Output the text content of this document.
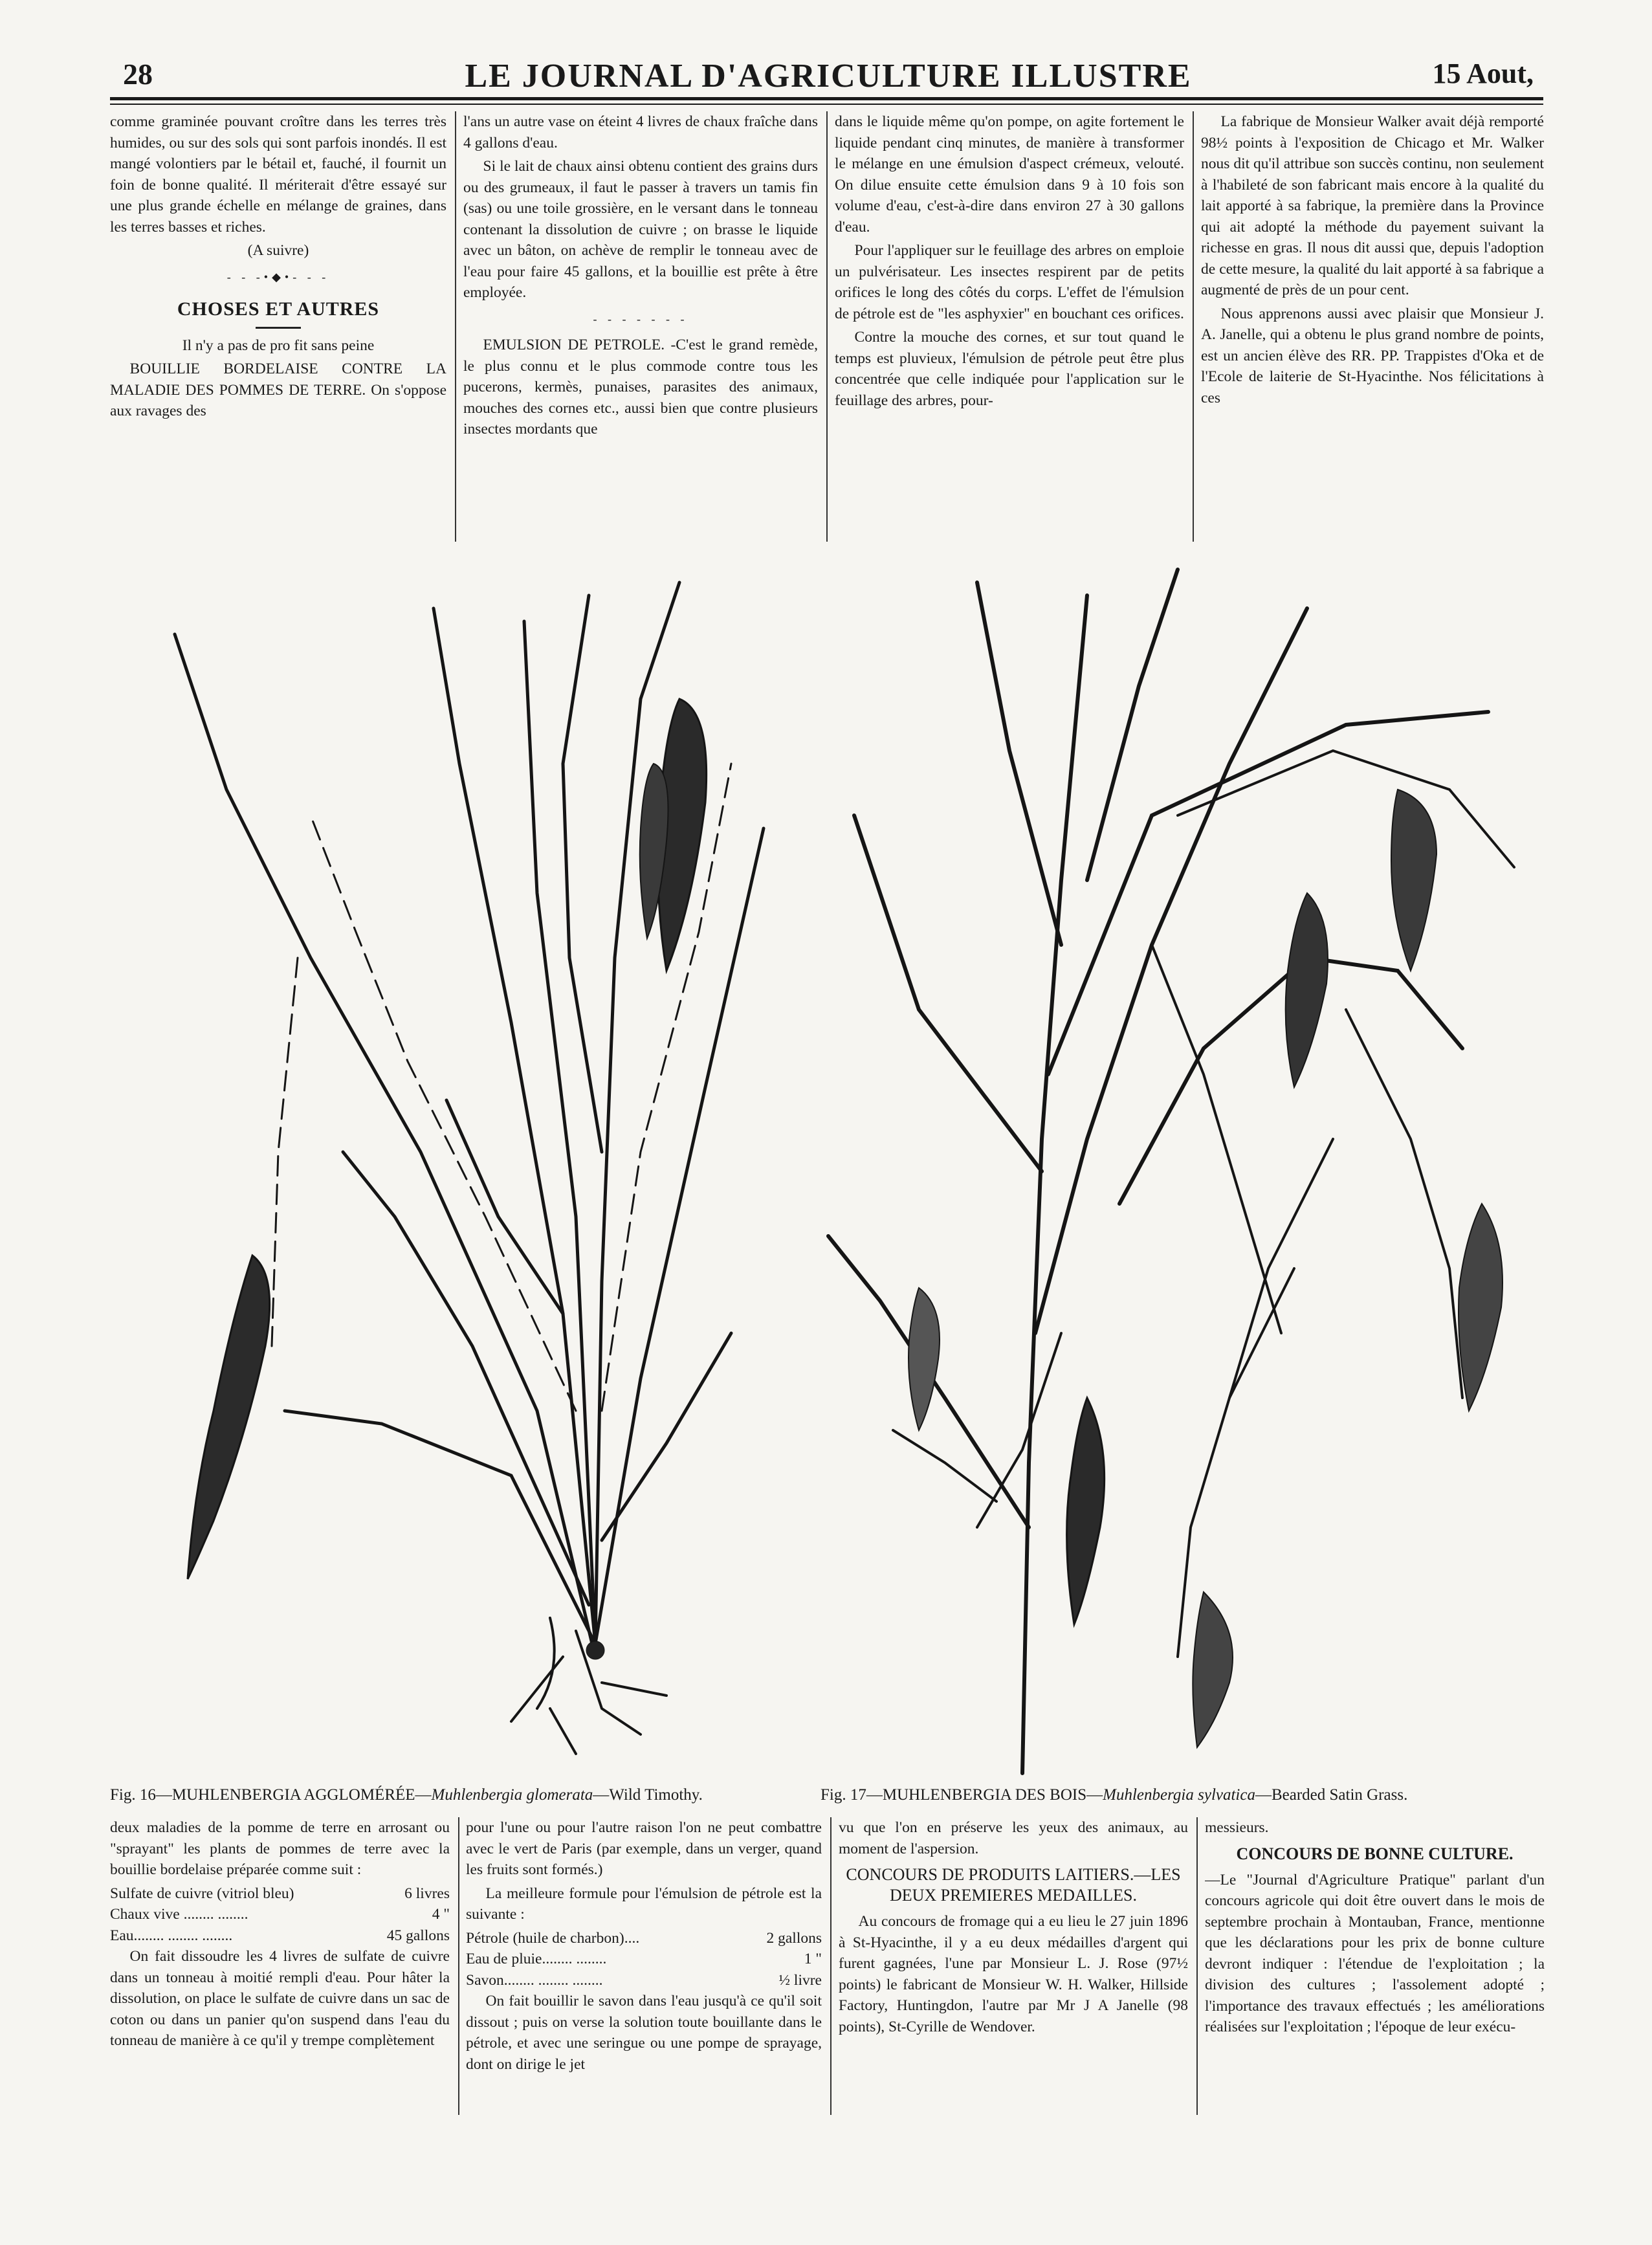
28	LE JOURNAL D'AGRICULTURE ILLUSTRE	15 Aout,

comme graminée pouvant croître dans les terres très humides, ou sur des sols qui sont parfois inondés. Il est mangé volontiers par le bétail et, fauché, il fournit un foin de bonne qualité. Il mériterait d'être essayé sur une plus grande échelle en mélange de graines, dans les terres basses et riches.

(A suivre)

- - -•◆•- - -
CHOSES ET AUTRES

Il n'y a pas de pro fit sans peine

BOUILLIE BORDELAISE CONTRE LA MALADIE DES POMMES DE TERRE. On s'oppose aux ravages des

l'ans un autre vase on éteint 4 livres de chaux fraîche dans 4 gallons d'eau.

Si le lait de chaux ainsi obtenu contient des grains durs ou des grumeaux, il faut le passer à travers un tamis fin (sas) ou une toile grossière, en le versant dans le tonneau contenant la dissolution de cuivre ; on brasse le liquide avec un bâton, on achève de remplir le tonneau avec de l'eau pour faire 45 gallons, et la bouillie est prête à être employée.

- - - - - - -

EMULSION DE PETROLE. -C'est le grand remède, le plus connu et le plus commode contre tous les pucerons, kermès, punaises, parasites des animaux, mouches des cornes etc., aussi bien que contre plusieurs insectes mordants que

dans le liquide même qu'on pompe, on agite fortement le liquide pendant cinq minutes, de manière à transformer le mélange en une émulsion d'aspect crémeux, velouté. On dilue ensuite cette émulsion dans 9 à 10 fois son volume d'eau, c'est-à-dire dans environ 27 à 30 gallons d'eau.

Pour l'appliquer sur le feuillage des arbres on emploie un pulvérisateur. Les insectes respirent par de petits orifices le long des côtés du corps. L'effet de l'émulsion de pétrole est de "les asphyxier" en bouchant ces orifices.

Contre la mouche des cornes, et sur tout quand le temps est pluvieux, l'émulsion de pétrole peut être plus concentrée que celle indiquée pour l'application sur le feuillage des arbres, pour-

La fabrique de Monsieur Walker avait déjà remporté 98½ points à l'exposition de Chicago et Mr. Walker nous dit qu'il attribue son succès continu, non seulement à l'habileté de son fabricant mais encore à la qualité du lait apporté à sa fabrique, la première dans la Province qui ait adopté la méthode du payement suivant la richesse en gras. Il nous dit aussi que, depuis l'adoption de cette mesure, la qualité du lait apporté à sa fabrique a augmenté de près de un pour cent.

Nous apprenons aussi avec plaisir que Monsieur J. A. Janelle, qui a obtenu le plus grand nombre de points, est un ancien élève des RR. PP. Trappistes d'Oka et de l'Ecole de laiterie de St-Hyacinthe. Nos félicitations à ces

Fig. 16—MUHLENBERGIA AGGLOMÉRÉE—Muhlenbergia glomerata—Wild Timothy.	Fig. 17—MUHLENBERGIA DES BOIS—Muhlenbergia sylvatica—Bearded Satin Grass.

deux maladies de la pomme de terre en arrosant ou "sprayant" les plants de pommes de terre avec la bouillie bordelaise préparée comme suit :

Sulfate de cuivre (vitriol bleu)	6 livres
Chaux vive ........ ........	4 "
Eau........ ........ ........	45 gallons

On fait dissoudre les 4 livres de sulfate de cuivre dans un tonneau à moitié rempli d'eau. Pour hâter la dissolution, on place le sulfate de cuivre dans un sac de coton ou dans un panier qu'on suspend dans l'eau du tonneau de manière à ce qu'il y trempe complètement

pour l'une ou pour l'autre raison l'on ne peut combattre avec le vert de Paris (par exemple, dans un verger, quand les fruits sont formés.)

La meilleure formule pour l'émulsion de pétrole est la suivante :

Pétrole (huile de charbon)....	2 gallons
Eau de pluie........ ........	1 "
Savon........ ........ ........	½ livre

On fait bouillir le savon dans l'eau jusqu'à ce qu'il soit dissout ; puis on verse la solution toute bouillante dans le pétrole, et avec une seringue ou une pompe de sprayage, dont on dirige le jet

vu que l'on en préserve les yeux des animaux, au moment de l'aspersion.

CONCOURS DE PRODUITS LAITIERS.—LES DEUX PREMIERES MEDAILLES.

Au concours de fromage qui a eu lieu le 27 juin 1896 à St-Hyacinthe, il y a eu deux médailles d'argent qui furent gagnées, l'une par Monsieur L. J. Rose (97½ points) le fabricant de Monsieur W. H. Walker, Hillside Factory, Huntingdon, l'autre par Mr J A Janelle (98 points), St-Cyrille de Wendover.

messieurs.

CONCOURS DE BONNE CULTURE.

—Le "Journal d'Agriculture Pratique" parlant d'un concours agricole qui doit être ouvert dans le mois de septembre prochain à Montauban, France, mentionne que les déclarations pour les prix de bonne culture devront indiquer : l'étendue de l'exploitation ; la division des cultures ; l'assolement adopté ; l'importance des travaux effectués ; les améliorations réalisées sur l'exploitation ; l'époque de leur exécu-
